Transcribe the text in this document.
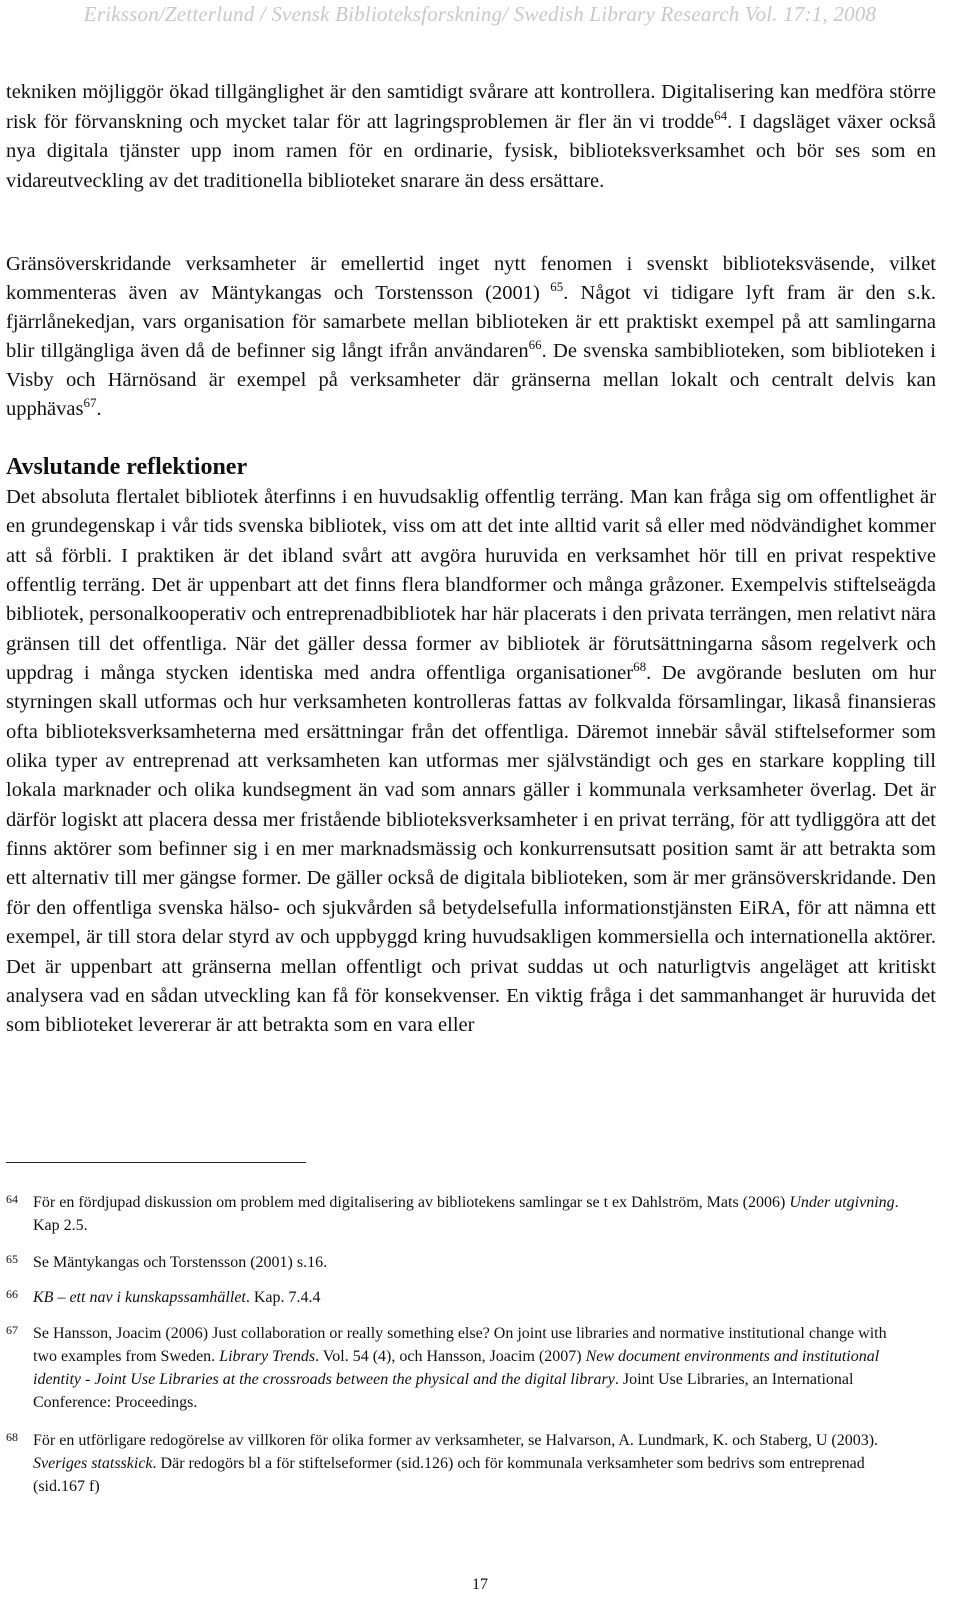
Eriksson/Zetterlund / Svensk Biblioteksforskning/ Swedish Library Research Vol. 17:1, 2008

tekniken möjliggör ökad tillgänglighet är den samtidigt svårare att kontrollera. Digitalisering kan medföra större risk för förvanskning och mycket talar för att lagringsproblemen är fler än vi trodde$^{64}$. I dagsläget växer också nya digitala tjänster upp inom ramen för en ordinarie, fysisk, biblioteksverksamhet och bör ses som en vidareutveckling av det traditionella biblioteket snarare än dess ersättare.

Gränsöverskridande verksamheter är emellertid inget nytt fenomen i svenskt biblioteksväsende, vilket kommenteras även av Mäntykangas och Torstensson (2001) $^{65}$. Något vi tidigare lyft fram är den s.k. fjärrlånekedjan, vars organisation för samarbete mellan biblioteken är ett praktiskt exempel på att samlingarna blir tillgängliga även då de befinner sig långt ifrån användaren$^{66}$. De svenska sambiblioteken, som biblioteken i Visby och Härnösand är exempel på verksamheter där gränserna mellan lokalt och centralt delvis kan upphävas$^{67}$.

Avslutande reflektioner

Det absoluta flertalet bibliotek återfinns i en huvudsaklig offentlig terräng. Man kan fråga sig om offentlighet är en grundegenskap i vår tids svenska bibliotek, viss om att det inte alltid varit så eller med nödvändighet kommer att så förbli. I praktiken är det ibland svårt att avgöra huruvida en verksamhet hör till en privat respektive offentlig terräng. Det är uppenbart att det finns flera blandformer och många gråzoner. Exempelvis stiftelseägda bibliotek, personalkooperativ och entreprenadbibliotek har här placerats i den privata terrängen, men relativt nära gränsen till det offentliga. När det gäller dessa former av bibliotek är förutsättningarna såsom regelverk och uppdrag i många stycken identiska med andra offentliga organisationer$^{68}$. De avgörande besluten om hur styrningen skall utformas och hur verksamheten kontrolleras fattas av folkvalda församlingar, likaså finansieras ofta biblioteksverksamheterna med ersättningar från det offentliga. Däremot innebär såväl stiftelseformer som olika typer av entreprenad att verksamheten kan utformas mer självständigt och ges en starkare koppling till lokala marknader och olika kundsegment än vad som annars gäller i kommunala verksamheter överlag. Det är därför logiskt att placera dessa mer fristående biblioteksverksamheter i en privat terräng, för att tydliggöra att det finns aktörer som befinner sig i en mer marknadsmässig och konkurrensutsatt position samt är att betrakta som ett alternativ till mer gängse former. De gäller också de digitala biblioteken, som är mer gränsöverskridande. Den för den offentliga svenska hälso- och sjukvården så betydelsefulla informationstjänsten EiRA, för att nämna ett exempel, är till stora delar styrd av och uppbyggd kring huvudsakligen kommersiella och internationella aktörer. Det är uppenbart att gränserna mellan offentligt och privat suddas ut och naturligtvis angeläget att kritiskt analysera vad en sådan utveckling kan få för konsekvenser. En viktig fråga i det sammanhanget är huruvida det som biblioteket levererar är att betrakta som en vara eller

64 För en fördjupad diskussion om problem med digitalisering av bibliotekens samlingar se t ex Dahlström, Mats (2006) Under utgivning. Kap 2.5.
65 Se Mäntykangas och Torstensson (2001) s.16.
66 KB – ett nav i kunskapssamhället. Kap. 7.4.4
67 Se Hansson, Joacim (2006) Just collaboration or really something else? On joint use libraries and normative institutional change with two examples from Sweden. Library Trends. Vol. 54 (4), och Hansson, Joacim (2007) New document environments and institutional identity - Joint Use Libraries at the crossroads between the physical and the digital library. Joint Use Libraries, an International Conference: Proceedings.
68 För en utförligare redogörelse av villkoren för olika former av verksamheter, se Halvarson, A. Lundmark, K. och Staberg, U (2003). Sveriges statsskick. Där redogörs bl a för stiftelseformer (sid.126) och för kommunala verksamheter som bedrivs som entreprenad (sid.167 f)
17
